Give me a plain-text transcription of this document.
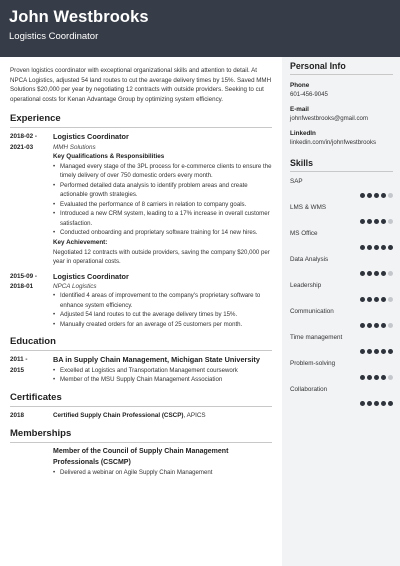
John Westbrooks
Logistics Coordinator

Proven logistics coordinator with exceptional organizational skills and attention to detail. At NPCA Logistics, adjusted 54 land routes to cut the average delivery times by 15%. Saved MMH Solutions $20,000 per year by negotiating 12 contracts with outside providers. Seeking to cut operational costs for Kenan Advantage Group by optimizing system efficiency.

Experience
2018-02 -
2021-03
Logistics Coordinator
MMH Solutions
Key Qualifications & Responsibilities
• Managed every stage of the 3PL process for e-commerce clients to ensure the timely delivery of over 750 domestic orders every month.
• Performed detailed data analysis to identify problem areas and create actionable growth strategies.
• Evaluated the performance of 8 carriers in relation to company goals.
• Introduced a new CRM system, leading to a 17% increase in overall customer satisfaction.
• Conducted onboarding and proprietary software training for 14 new hires.
Key Achievement:
Negotiated 12 contracts with outside providers, saving the company $20,000 per year in operational costs.
2015-09 -
2018-01
Logistics Coordinator
NPCA Logistics
• Identified 4 areas of improvement to the company's proprietary software to enhance system efficiency.
• Adjusted 54 land routes to cut the average delivery times by 15%.
• Manually created orders for an average of 25 customers per month.
Education
2011 -
2015
BA in Supply Chain Management, Michigan State University
• Excelled at Logistics and Transportation Management coursework
• Member of the MSU Supply Chain Management Association
Certificates
2018	Certified Supply Chain Professional (CSCP), APICS
Memberships
Member of the Council of Supply Chain Management Professionals (CSCMP)
• Delivered a webinar on Agile Supply Chain Management
Personal Info
Phone
601-456-9045
E-mail
johnfwestbrooks@gmail.com
LinkedIn
linkedin.com/in/johnfwestbrooks
Skills
SAP
LMS & WMS
MS Office
Data Analysis
Leadership
Communication
Time management
Problem-solving
Collaboration
